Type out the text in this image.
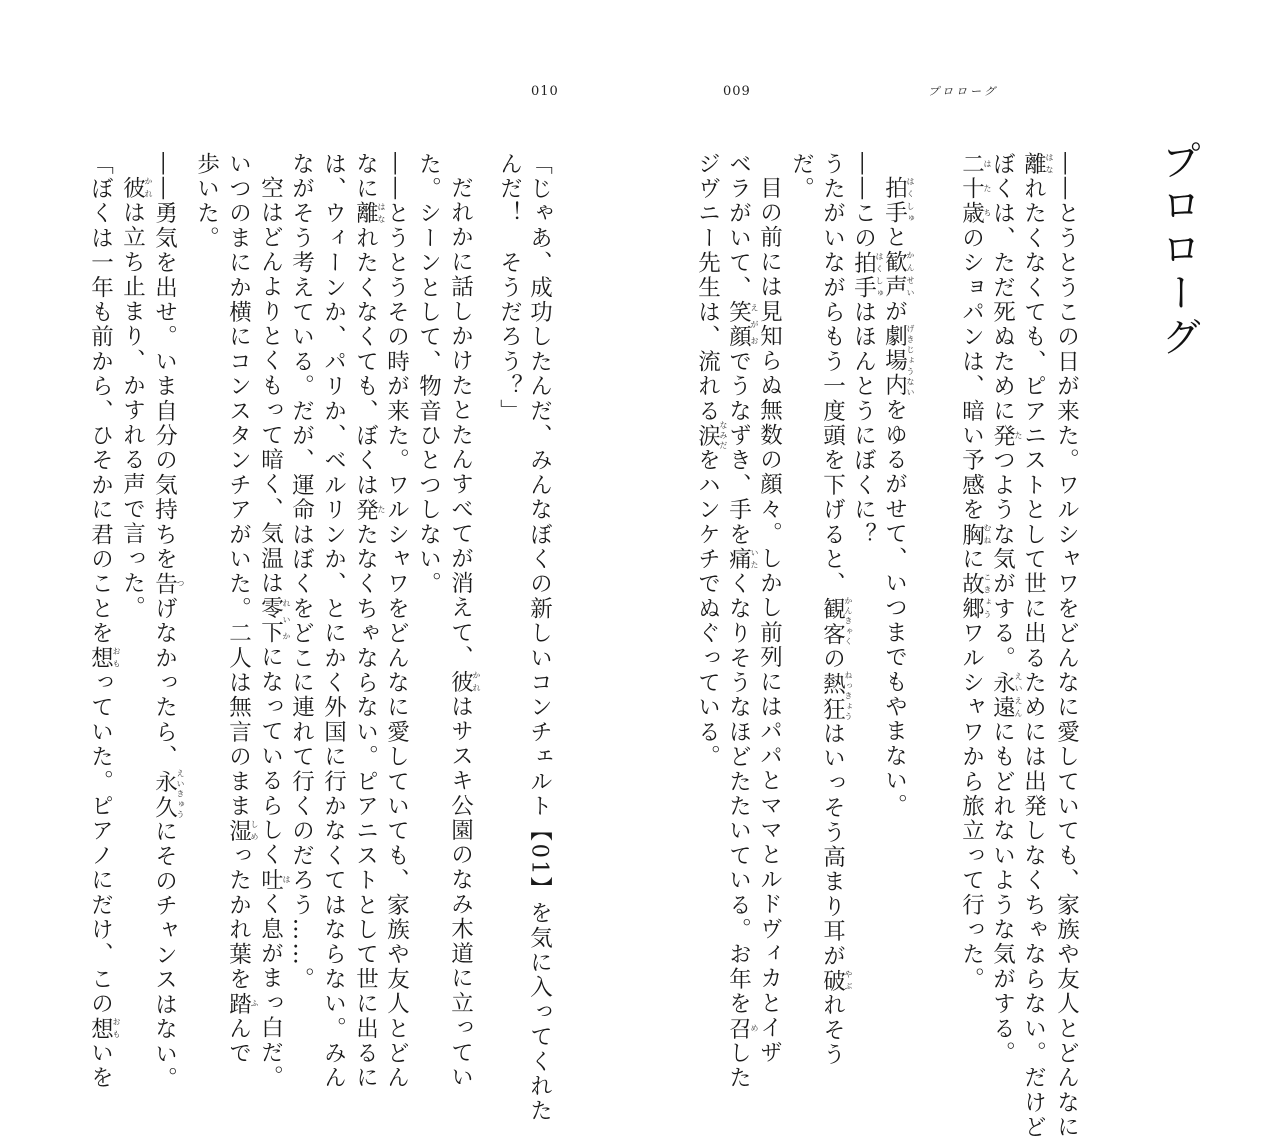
010
「じゃあ、成功したんだ、みんなぼくの新しいコンチェルト【01】を気に入ってくれた
んだ！　そうだろう？」
だれかに話しかけたとたんすべてが消えて、彼かれはサスキ公園のなみ木道に立ってい
た。シーンとして、物音ひとつしない。
――とうとうその時が来た。ワルシャワをどんなに愛していても、家族や友人とどん
なに離はなれたくなくても、ぼくは発たたなくちゃならない。ピアニストとして世に出るに
は、ウィーンか、パリか、ベルリンか、とにかく外国に行かなくてはならない。みん
ながそう考えている。だが、運命はぼくをどこに連れて行くのだろう……。
空はどんよりとくもって暗く、気温は零下れいかになっているらしく吐はく息がまっ白だ。
いつのまにか横にコンスタンチアがいた。二人は無言のまま湿しめったかれ葉を踏ふんで
歩いた。
――勇気を出せ。いま自分の気持ちを告つげなかったら、永久えいきゅうにそのチャンスはない。
彼かれは立ち止まり、かすれる声で言った。
「ぼくは一年も前から、ひそかに君のことを想おもっていた。ピアノにだけ、この想おもいを
009	プロローグ
プロローグ
――とうとうこの日が来た。ワルシャワをどんなに愛していても、家族や友人とどんなに
離はなれたくなくても、ピアニストとして世に出るためには出発しなくちゃならない。だけど
ぼくは、ただ死ぬために発たつような気がする。永遠えいえんにもどれないような気がする。
二十歳はたちのショパンは、暗い予感を胸むねに故郷こきょうワルシャワから旅立って行った。
拍手はくしゅと歓声かんせいが劇場内げきじょうないをゆるがせて、いつまでもやまない。
――この拍手はくしゅはほんとうにぼくに？
うたがいながらもう一度頭を下げると、観客かんきゃくの熱狂ねっきょうはいっそう高まり耳が破やぶれそう
だ。
目の前には見知らぬ無数の顔々。しかし前列にはパパとママとルドヴィカとイザ
ベラがいて、笑顔えがおでうなずき、手を痛いたくなりそうなほどたたいている。お年を召めした
ジヴニー先生は、流れる涙なみだをハンケチでぬぐっている。
